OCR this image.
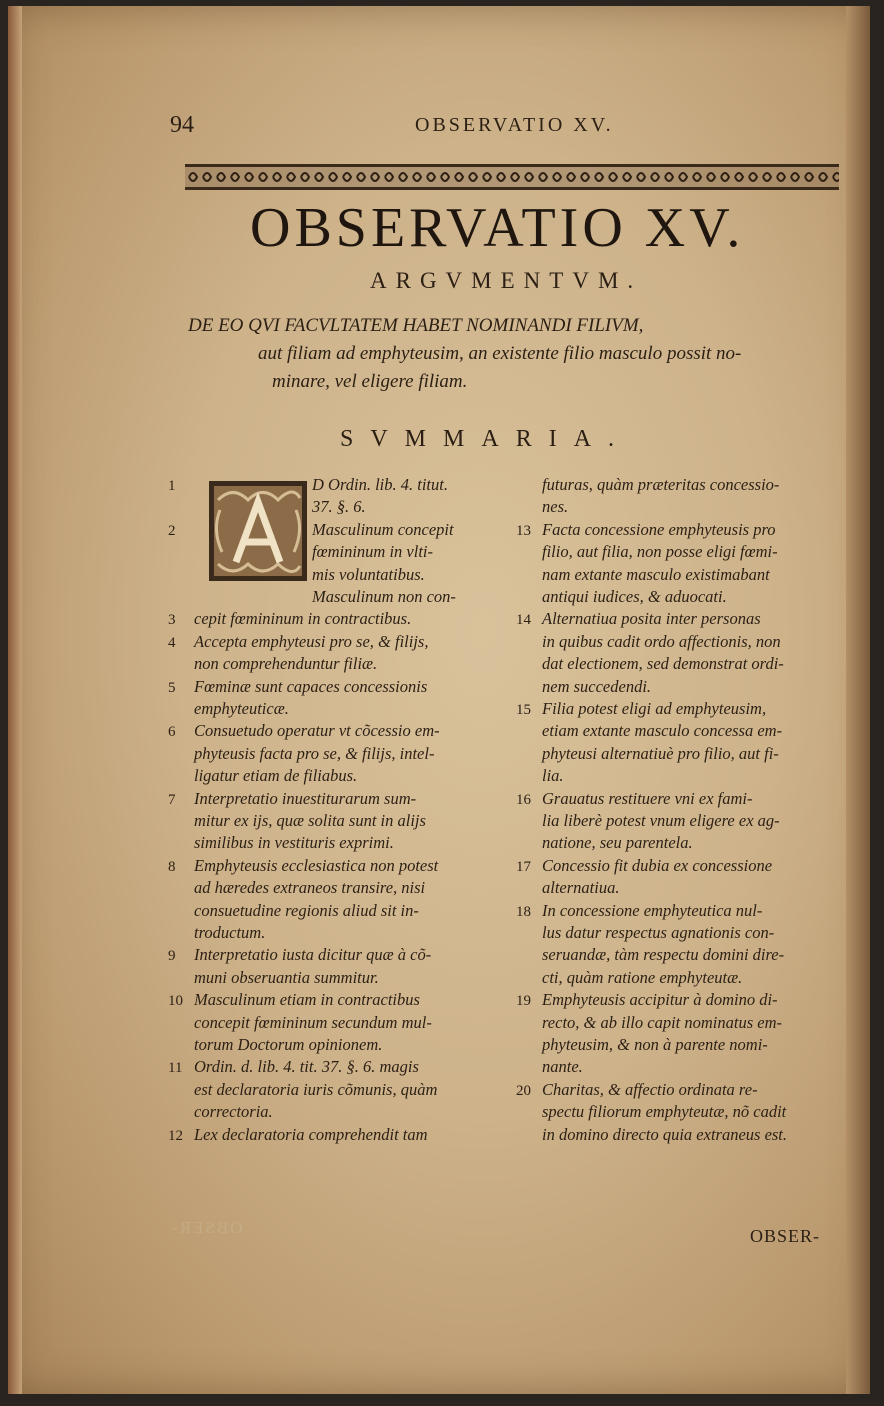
94	OBSERVATIO XV.
OBSERVATIO XV.
ARGVMENTVM.
DE EO QVI FACVLTATEM HABET NOMINANDI FILIVM,
aut filiam ad emphyteusim, an existente filio masculo possit no-
minare, vel eligere filiam.
SVMMARIA.
1	D Ordin. lib. 4. titut.
37. §. 6.
2	Masculinum concepit
fœmininum in vlti-
mis voluntatibus.
Masculinum non con-
3 cepit fœmininum in contractibus.
4 Accepta emphyteusi pro se, & filijs,
non comprehenduntur filiæ.
5 Fœminæ sunt capaces concessionis
emphyteuticæ.
6 Consuetudo operatur vt cõcessio em-
phyteusis facta pro se, & filijs, intel-
ligatur etiam de filiabus.
7 Interpretatio inuestiturarum sum-
mitur ex ijs, quæ solita sunt in alijs
similibus in vestituris exprimi.
8 Emphyteusis ecclesiastica non potest
ad hæredes extraneos transire, nisi
consuetudine regionis aliud sit in-
troductum.
9 Interpretatio iusta dicitur quæ à cõ-
muni obseruantia summitur.
10 Masculinum etiam in contractibus
concepit fœmininum secundum mul-
torum Doctorum opinionem.
11 Ordin. d. lib. 4. tit. 37. §. 6. magis
est declaratoria iuris cõmunis, quàm
correctoria.
12 Lex declaratoria comprehendit tam
futuras, quàm præteritas concessio-
nes.
13 Facta concessione emphyteusis pro
filio, aut filia, non posse eligi fœmi-
nam extante masculo existimabant
antiqui iudices, & aduocati.
14 Alternatiua posita inter personas
in quibus cadit ordo affectionis, non
dat electionem, sed demonstrat ordi-
nem succedendi.
15 Filia potest eligi ad emphyteusim,
etiam extante masculo concessa em-
phyteusi alternatiuè pro filio, aut fi-
lia.
16 Grauatus restituere vni ex fami-
lia liberè potest vnum eligere ex ag-
natione, seu parentela.
17 Concessio fit dubia ex concessione
alternatiua.
18 In concessione emphyteutica nul-
lus datur respectus agnationis con-
seruandæ, tàm respectu domini dire-
cti, quàm ratione emphyteutæ.
19 Emphyteusis accipitur à domino di-
recto, & ab illo capit nominatus em-
phyteusim, & non à parente nomi-
nante.
20 Charitas, & affectio ordinata re-
spectu filiorum emphyteutæ, nõ cadit
in domino directo quia extraneus est.
OBSER-	OBSER-
